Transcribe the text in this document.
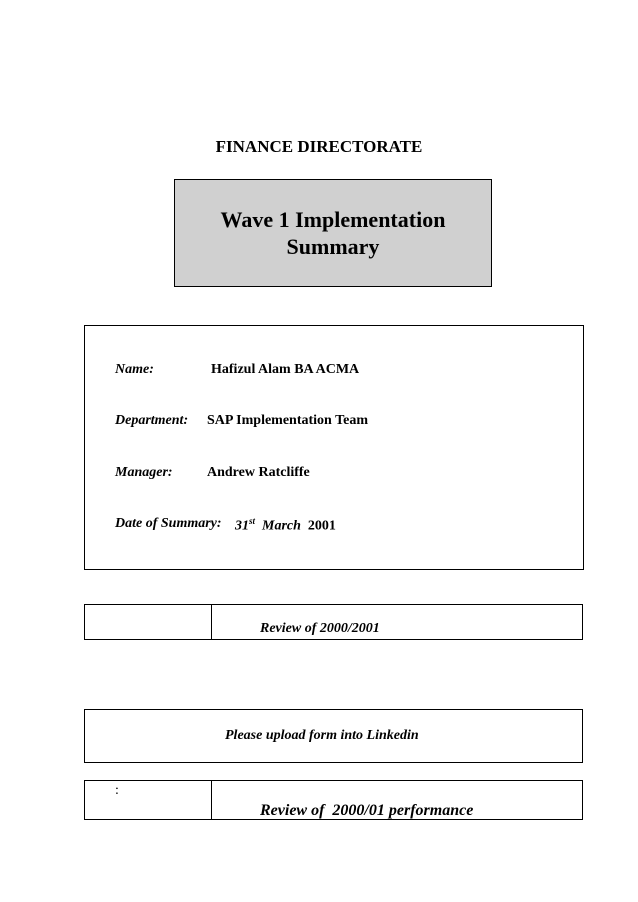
FINANCE DIRECTORATE
Wave 1 Implementation
Summary
Name:	Hafizul Alam BA ACMA
Department: SAP Implementation Team
Manager: Andrew Ratcliffe
Date of Summary: 31st March 2001
Review of 2000/2001
Please upload form into Linkedin
:
Review of  2000/01 performance
